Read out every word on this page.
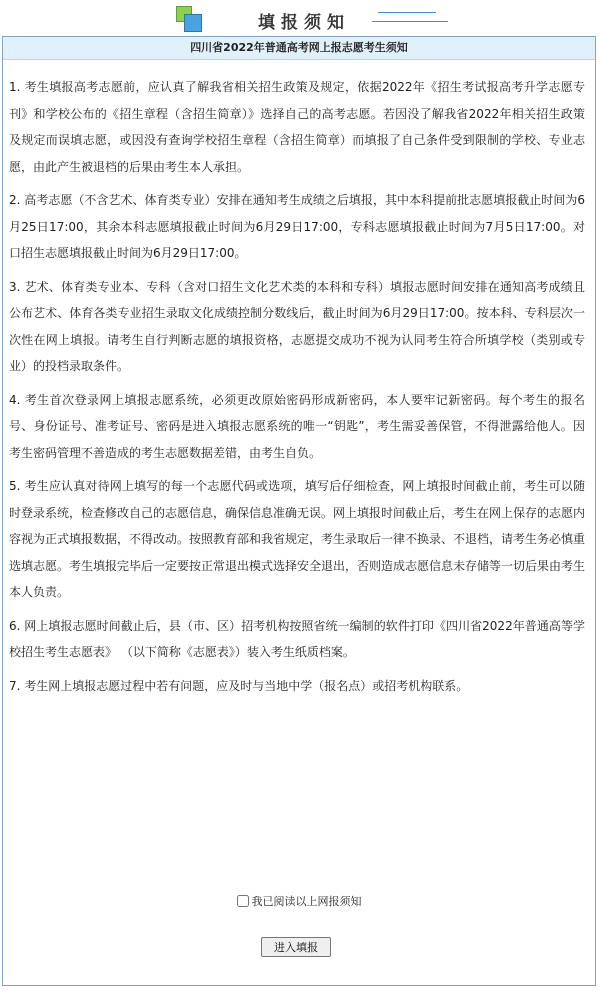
填报须知
四川省2022年普通高考网上报志愿考生须知

1. 考生填报高考志愿前，应认真了解我省相关招生政策及规定，依据2022年《招生考试报高考升学志愿专刊》和学校公布的《招生章程（含招生简章）》选择自己的高考志愿。若因没了解我省2022年相关招生政策及规定而误填志愿，或因没有查询学校招生章程（含招生简章）而填报了自己条件受到限制的学校、专业志愿，由此产生被退档的后果由考生本人承担。

2. 高考志愿（不含艺术、体育类专业）安排在通知考生成绩之后填报，其中本科提前批志愿填报截止时间为6月25日17:00，其余本科志愿填报截止时间为6月29日17:00，专科志愿填报截止时间为7月5日17:00。对口招生志愿填报截止时间为6月29日17:00。

3. 艺术、体育类专业本、专科（含对口招生文化艺术类的本科和专科）填报志愿时间安排在通知高考成绩且公布艺术、体育各类专业招生录取文化成绩控制分数线后，截止时间为6月29日17:00。按本科、专科层次一次性在网上填报。请考生自行判断志愿的填报资格，志愿提交成功不视为认同考生符合所填学校（类别或专业）的投档录取条件。

4. 考生首次登录网上填报志愿系统，必须更改原始密码形成新密码，本人要牢记新密码。每个考生的报名号、身份证号、准考证号、密码是进入填报志愿系统的唯一“钥匙”，考生需妥善保管，不得泄露给他人。因考生密码管理不善造成的考生志愿数据差错，由考生自负。

5. 考生应认真对待网上填写的每一个志愿代码或选项，填写后仔细检查，网上填报时间截止前，考生可以随时登录系统，检查修改自己的志愿信息，确保信息准确无误。网上填报时间截止后，考生在网上保存的志愿内容视为正式填报数据，不得改动。按照教育部和我省规定，考生录取后一律不换录、不退档，请考生务必慎重选填志愿。考生填报完毕后一定要按正常退出模式选择安全退出，否则造成志愿信息未存储等一切后果由考生本人负责。

6. 网上填报志愿时间截止后，县（市、区）招考机构按照省统一编制的软件打印《四川省2022年普通高等学校招生考生志愿表》 （以下简称《志愿表》）装入考生纸质档案。

7. 考生网上填报志愿过程中若有问题，应及时与当地中学（报名点）或招考机构联系。

我已阅读以上网报须知
进入填报
